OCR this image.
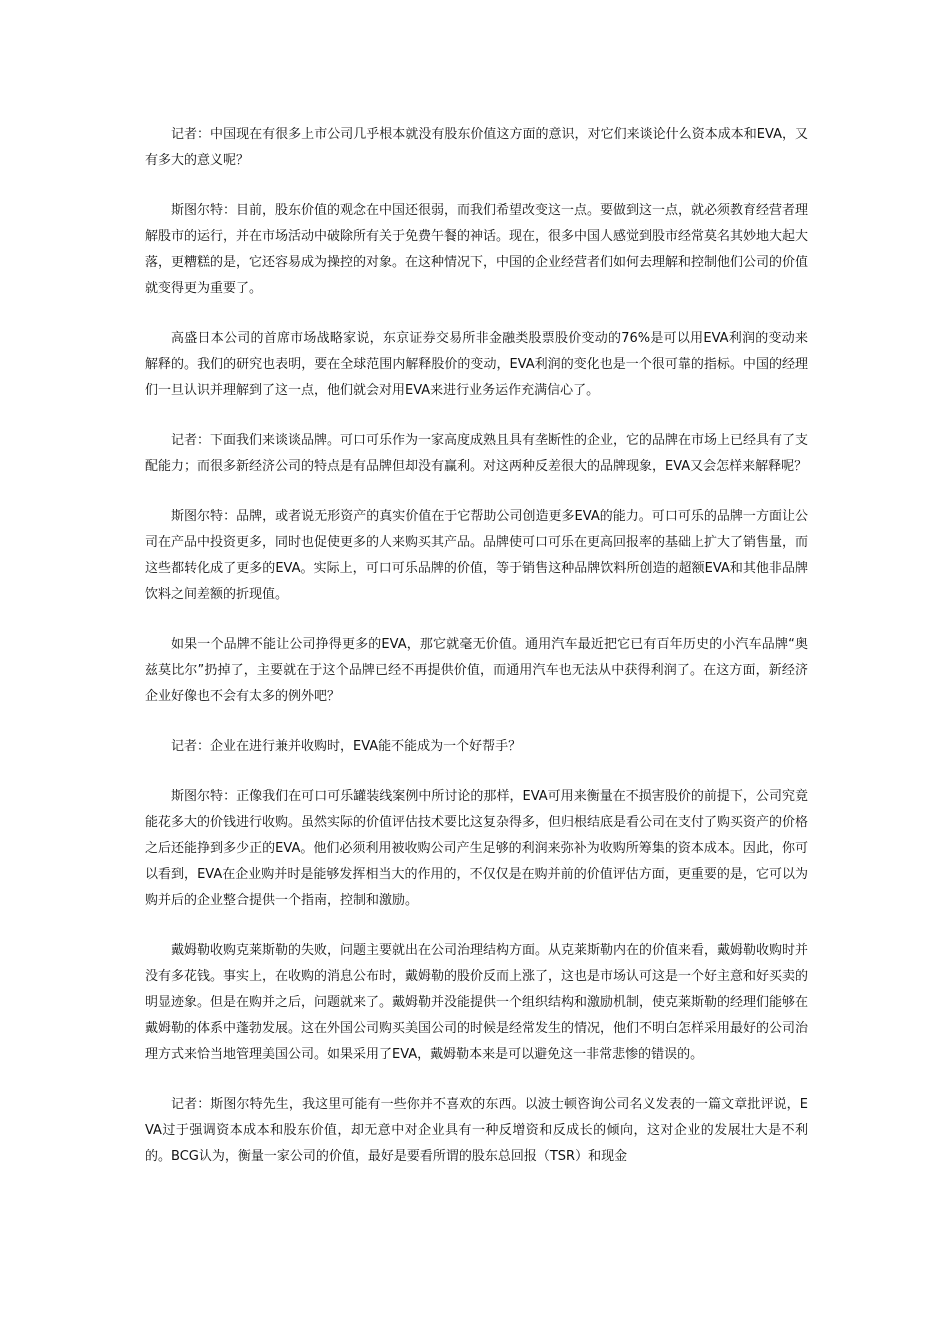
记者：中国现在有很多上市公司几乎根本就没有股东价值这方面的意识，对它们来谈论什么资本成本和EVA，又有多大的意义呢？

斯图尔特：目前，股东价值的观念在中国还很弱，而我们希望改变这一点。要做到这一点，就必须教育经营者理解股市的运行，并在市场活动中破除所有关于免费午餐的神话。现在，很多中国人感觉到股市经常莫名其妙地大起大落，更糟糕的是，它还容易成为操控的对象。在这种情况下，中国的企业经营者们如何去理解和控制他们公司的价值就变得更为重要了。

高盛日本公司的首席市场战略家说，东京证券交易所非金融类股票股价变动的76%是可以用EVA利润的变动来解释的。我们的研究也表明，要在全球范围内解释股价的变动，EVA利润的变化也是一个很可靠的指标。中国的经理们一旦认识并理解到了这一点，他们就会对用EVA来进行业务运作充满信心了。

记者：下面我们来谈谈品牌。可口可乐作为一家高度成熟且具有垄断性的企业，它的品牌在市场上已经具有了支配能力；而很多新经济公司的特点是有品牌但却没有赢利。对这两种反差很大的品牌现象，EVA又会怎样来解释呢？

斯图尔特：品牌，或者说无形资产的真实价值在于它帮助公司创造更多EVA的能力。可口可乐的品牌一方面让公司在产品中投资更多，同时也促使更多的人来购买其产品。品牌使可口可乐在更高回报率的基础上扩大了销售量，而这些都转化成了更多的EVA。实际上，可口可乐品牌的价值，等于销售这种品牌饮料所创造的超额EVA和其他非品牌饮料之间差额的折现值。

如果一个品牌不能让公司挣得更多的EVA，那它就毫无价值。通用汽车最近把它已有百年历史的小汽车品牌“奥兹莫比尔”扔掉了，主要就在于这个品牌已经不再提供价值，而通用汽车也无法从中获得利润了。在这方面，新经济企业好像也不会有太多的例外吧？

记者：企业在进行兼并收购时，EVA能不能成为一个好帮手？

斯图尔特：正像我们在可口可乐罐装线案例中所讨论的那样，EVA可用来衡量在不损害股价的前提下，公司究竟能花多大的价钱进行收购。虽然实际的价值评估技术要比这复杂得多，但归根结底是看公司在支付了购买资产的价格之后还能挣到多少正的EVA。他们必须利用被收购公司产生足够的利润来弥补为收购所筹集的资本成本。因此，你可以看到，EVA在企业购并时是能够发挥相当大的作用的，不仅仅是在购并前的价值评估方面，更重要的是，它可以为购并后的企业整合提供一个指南，控制和激励。

戴姆勒收购克莱斯勒的失败，问题主要就出在公司治理结构方面。从克莱斯勒内在的价值来看，戴姆勒收购时并没有多花钱。事实上，在收购的消息公布时，戴姆勒的股价反而上涨了，这也是市场认可这是一个好主意和好买卖的明显迹象。但是在购并之后，问题就来了。戴姆勒并没能提供一个组织结构和激励机制，使克莱斯勒的经理们能够在戴姆勒的体系中蓬勃发展。这在外国公司购买美国公司的时候是经常发生的情况，他们不明白怎样采用最好的公司治理方式来恰当地管理美国公司。如果采用了EVA，戴姆勒本来是可以避免这一非常悲惨的错误的。

记者：斯图尔特先生，我这里可能有一些你并不喜欢的东西。以波士顿咨询公司名义发表的一篇文章批评说，EVA过于强调资本成本和股东价值，却无意中对企业具有一种反增资和反成长的倾向，这对企业的发展壮大是不利的。BCG认为，衡量一家公司的价值，最好是要看所谓的股东总回报（TSR）和现金
